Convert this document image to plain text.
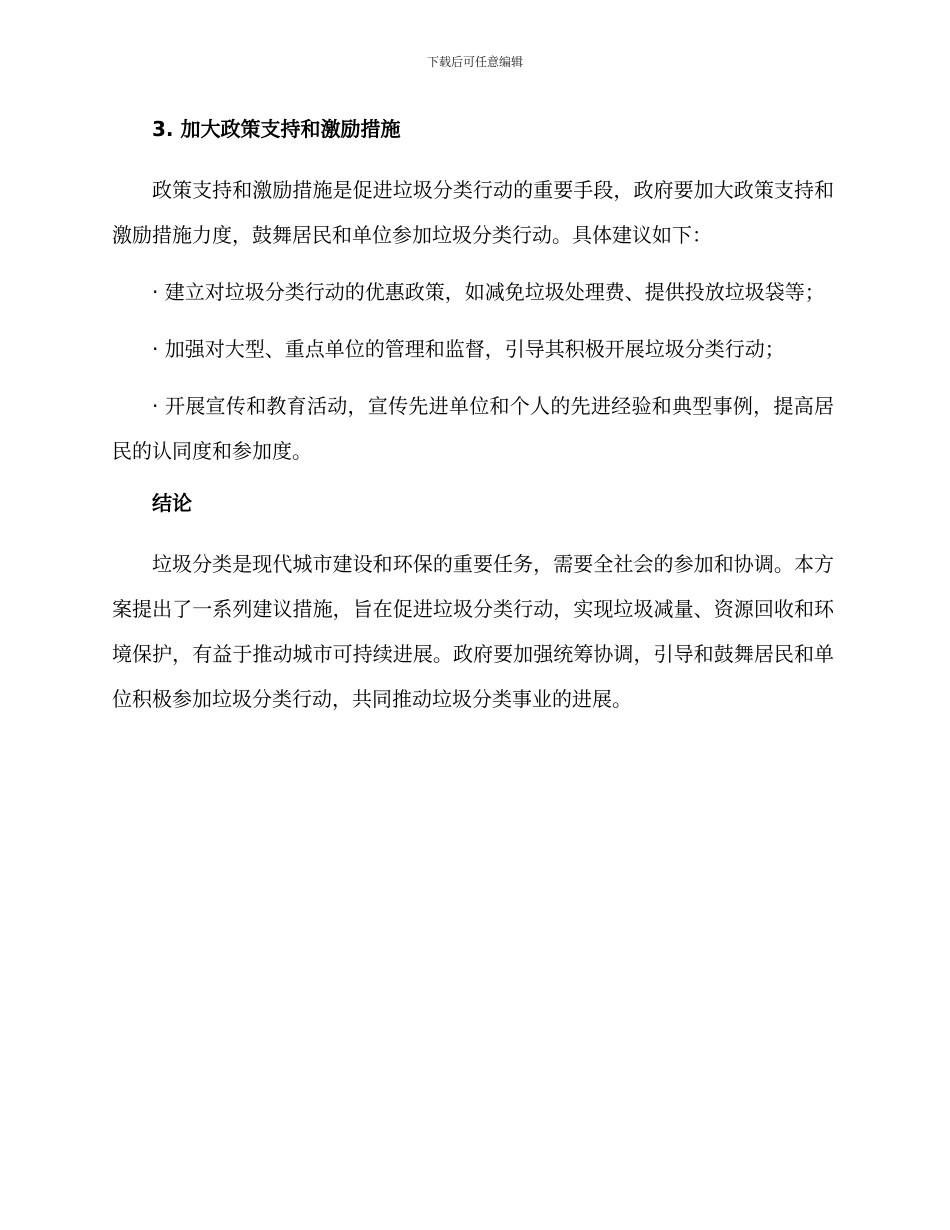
下载后可任意编辑

3. 加大政策支持和激励措施

政策支持和激励措施是促进垃圾分类行动的重要手段，政府要加大政策支持和激励措施力度，鼓舞居民和单位参加垃圾分类行动。具体建议如下：

· 建立对垃圾分类行动的优惠政策，如减免垃圾处理费、提供投放垃圾袋等；

· 加强对大型、重点单位的管理和监督，引导其积极开展垃圾分类行动；

· 开展宣传和教育活动，宣传先进单位和个人的先进经验和典型事例，提高居民的认同度和参加度。

结论

垃圾分类是现代城市建设和环保的重要任务，需要全社会的参加和协调。本方案提出了一系列建议措施，旨在促进垃圾分类行动，实现垃圾减量、资源回收和环境保护，有益于推动城市可持续进展。政府要加强统筹协调，引导和鼓舞居民和单位积极参加垃圾分类行动，共同推动垃圾分类事业的进展。
